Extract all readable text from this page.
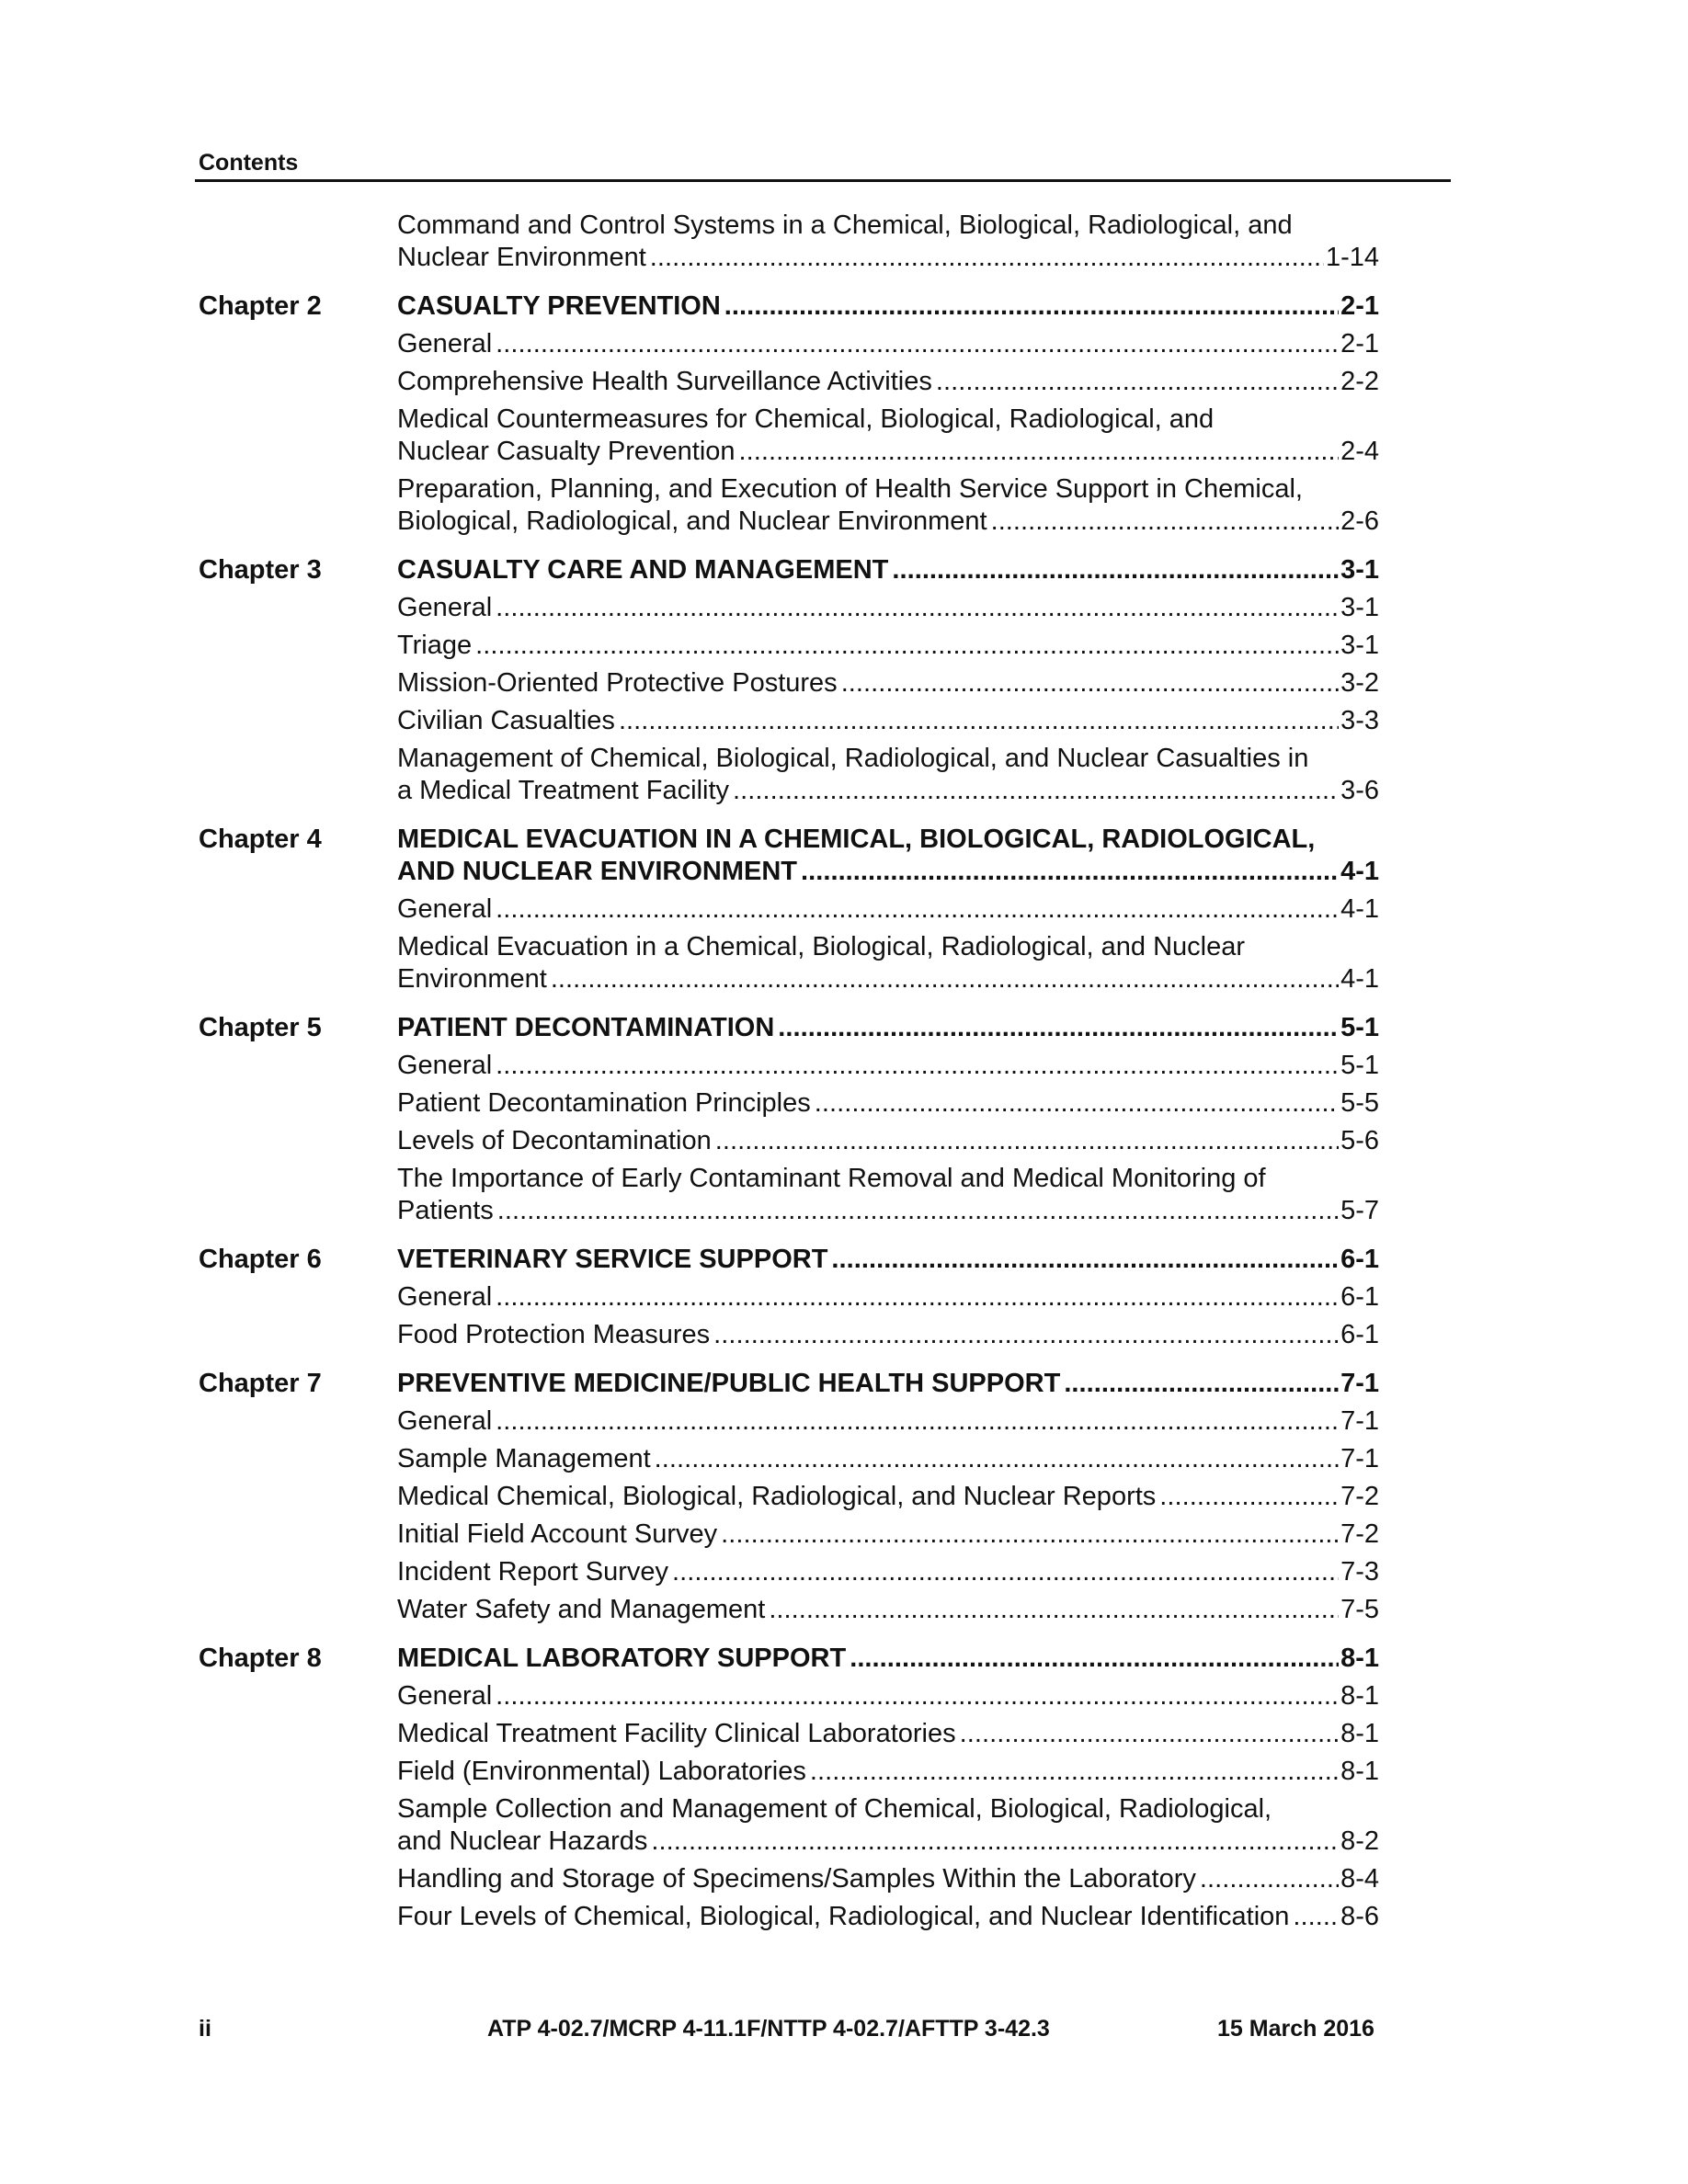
Contents
Command and Control Systems in a Chemical, Biological, Radiological, and
Nuclear Environment . . .	1-14
Chapter 2	CASUALTY PREVENTION . . .	2-1
General . . .	2-1
Comprehensive Health Surveillance Activities . . .	2-2
Medical Countermeasures for Chemical, Biological, Radiological, and
Nuclear Casualty Prevention . . .	2-4
Preparation, Planning, and Execution of Health Service Support in Chemical,
Biological, Radiological, and Nuclear Environment . . .	2-6
Chapter 3	CASUALTY CARE AND MANAGEMENT . . .	3-1
General . . .	3-1
Triage . . .	3-1
Mission-Oriented Protective Postures . . .	3-2
Civilian Casualties . . .	3-3
Management of Chemical, Biological, Radiological, and Nuclear Casualties in
a Medical Treatment Facility . . .	3-6
Chapter 4	MEDICAL EVACUATION IN A CHEMICAL, BIOLOGICAL, RADIOLOGICAL,
AND NUCLEAR ENVIRONMENT . . .	4-1
General . . .	4-1
Medical Evacuation in a Chemical, Biological, Radiological, and Nuclear
Environment . . .	4-1
Chapter 5	PATIENT DECONTAMINATION . . .	5-1
General . . .	5-1
Patient Decontamination Principles . . .	5-5
Levels of Decontamination . . .	5-6
The Importance of Early Contaminant Removal and Medical Monitoring of
Patients . . .	5-7
Chapter 6	VETERINARY SERVICE SUPPORT . . .	6-1
General . . .	6-1
Food Protection Measures . . .	6-1
Chapter 7	PREVENTIVE MEDICINE/PUBLIC HEALTH SUPPORT . . .	7-1
General . . .	7-1
Sample Management . . .	7-1
Medical Chemical, Biological, Radiological, and Nuclear Reports . . .	7-2
Initial Field Account Survey . . .	7-2
Incident Report Survey . . .	7-3
Water Safety and Management . . .	7-5
Chapter 8	MEDICAL LABORATORY SUPPORT . . .	8-1
General . . .	8-1
Medical Treatment Facility Clinical Laboratories . . .	8-1
Field (Environmental) Laboratories . . .	8-1
Sample Collection and Management of Chemical, Biological, Radiological,
and Nuclear Hazards . . .	8-2
Handling and Storage of Specimens/Samples Within the Laboratory . . .	8-4
Four Levels of Chemical, Biological, Radiological, and Nuclear Identification . . . 8-6
ii	ATP 4-02.7/MCRP 4-11.1F/NTTP 4-02.7/AFTTP 3-42.3	15 March 2016
